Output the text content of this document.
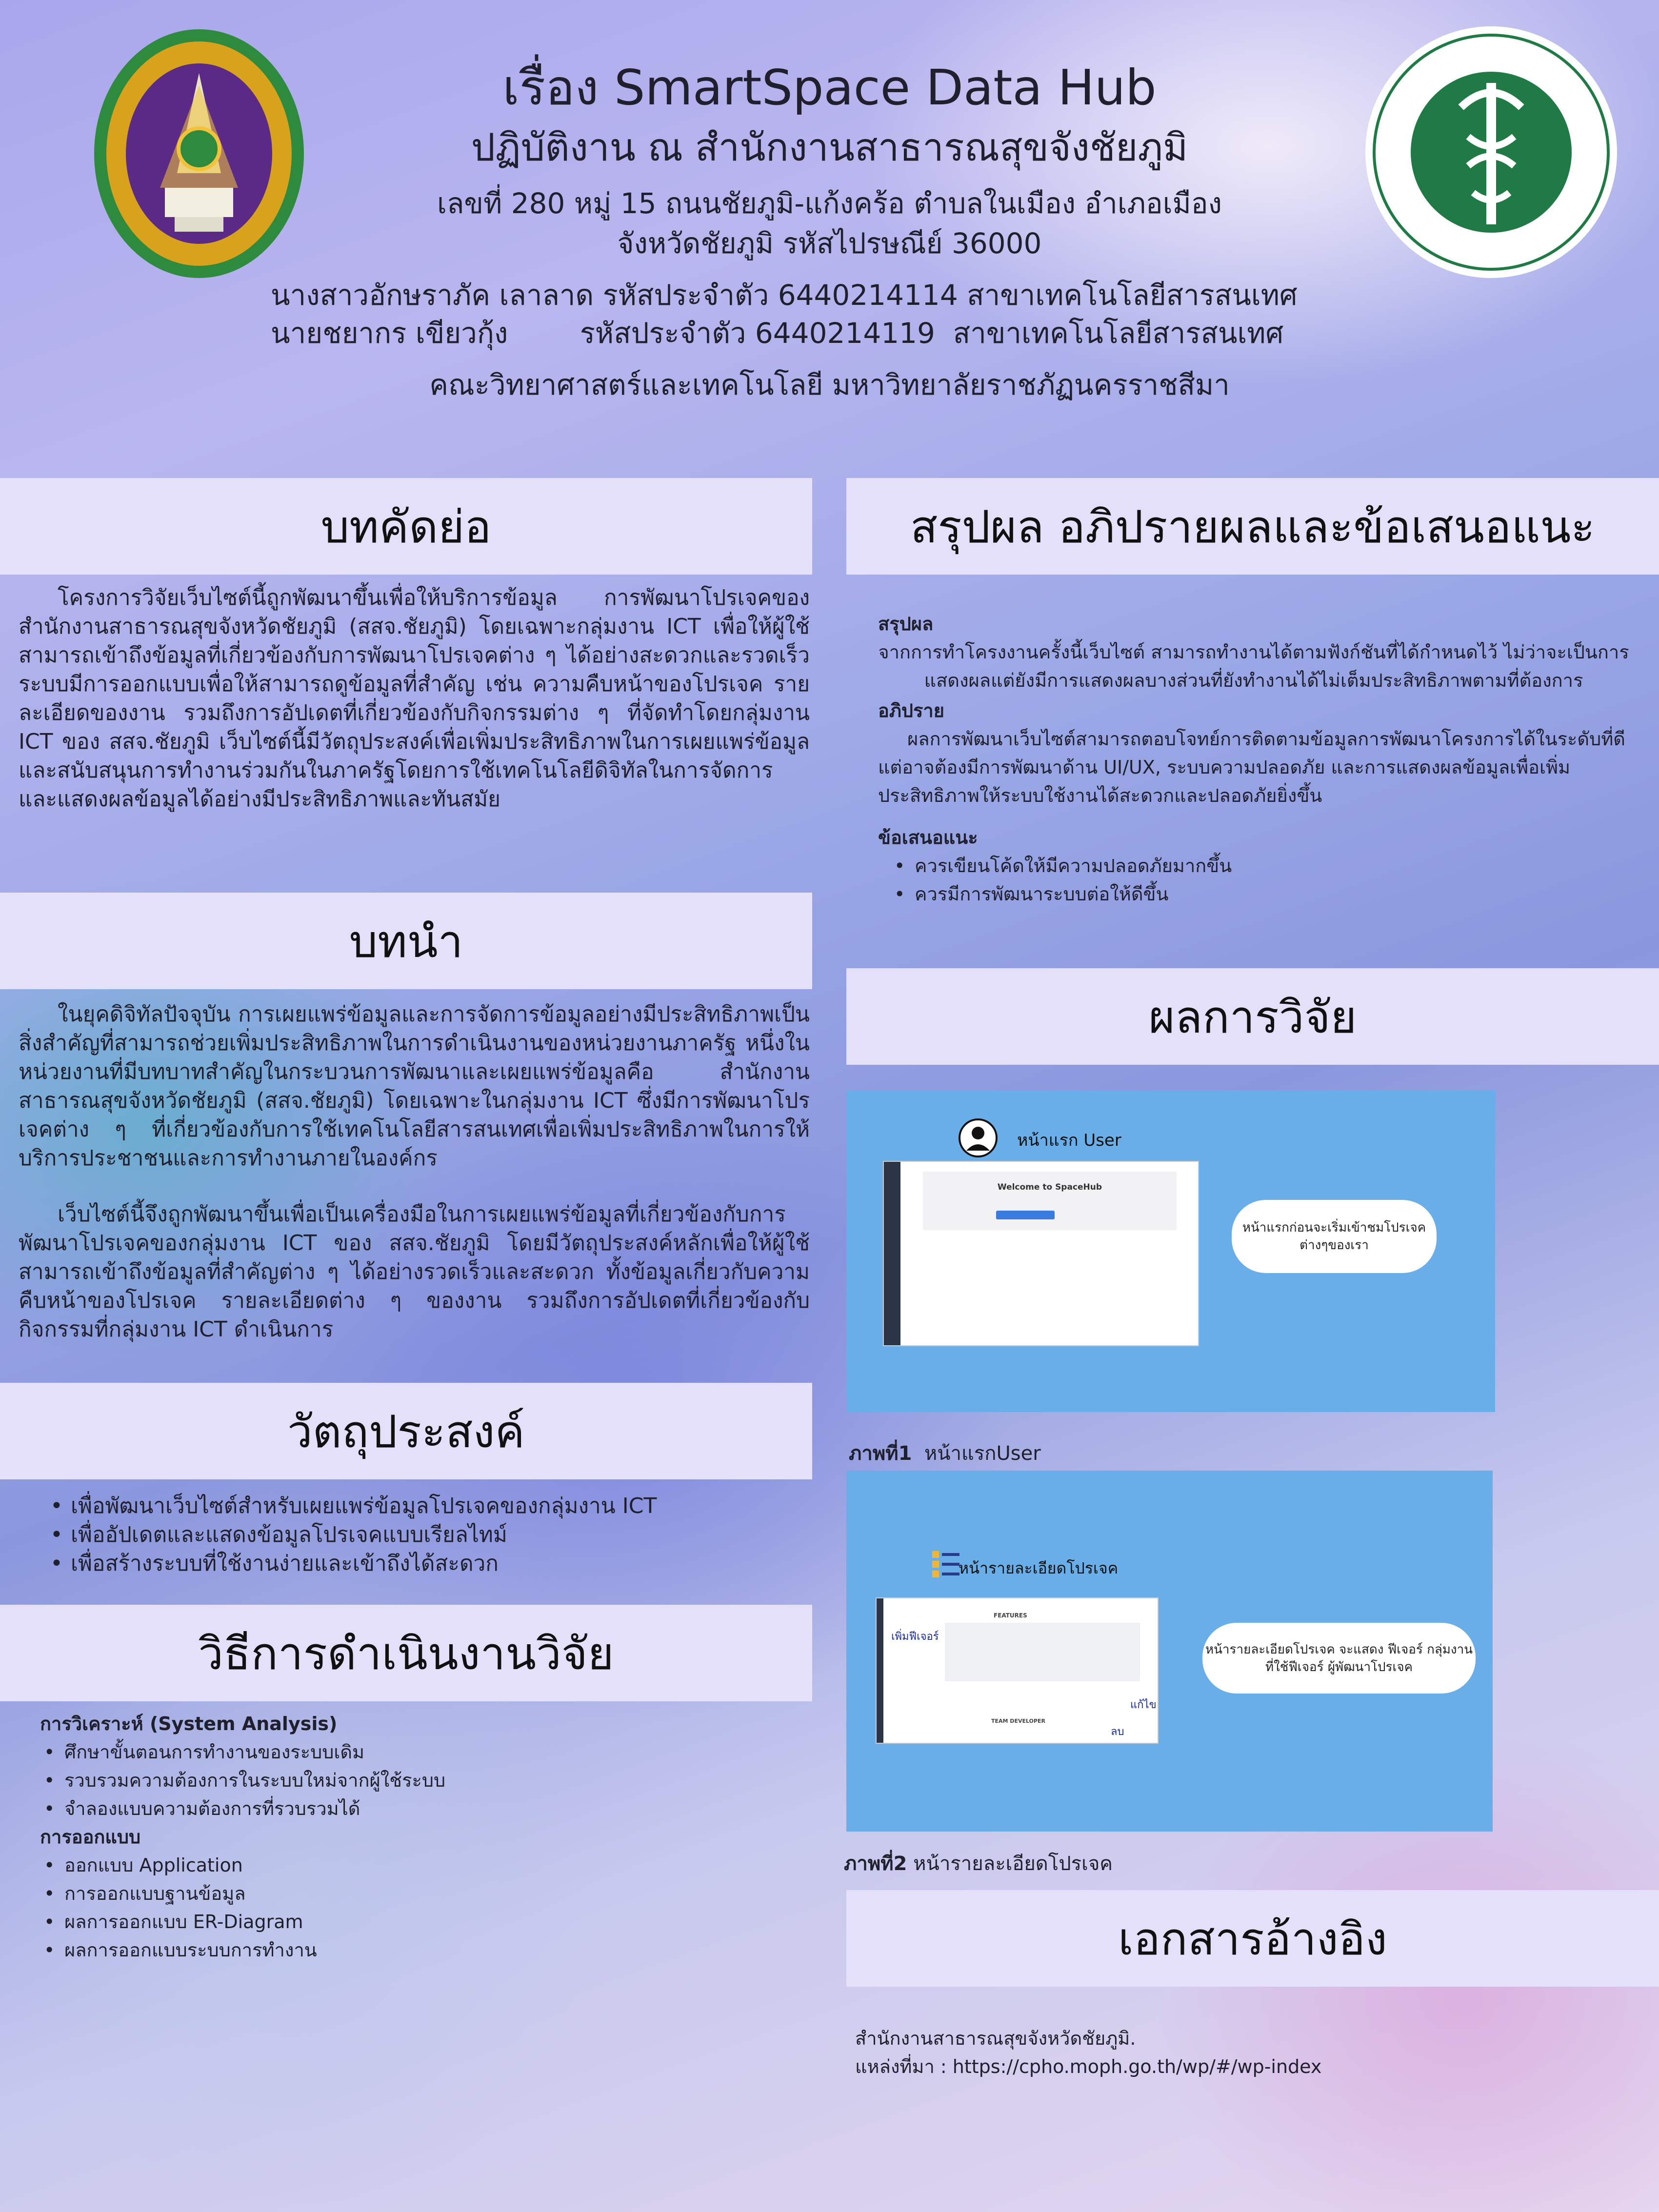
เรื่อง SmartSpace Data Hub
ปฏิบัติงาน ณ สำนักงานสาธารณสุขจังชัยภูมิ
เลขที่ 280 หมู่ 15 ถนนชัยภูมิ-แก้งคร้อ ตำบลในเมือง อำเภอเมือง
จังหวัดชัยภูมิ รหัสไปรษณีย์ 36000
นางสาวอักษราภัค เลาลาด รหัสประจำตัว 6440214114 สาขาเทคโนโลยีสารสนเทศ
นายชยากร เขียวกุ้ง        รหัสประจำตัว 6440214119  สาขาเทคโนโลยีสารสนเทศ
คณะวิทยาศาสตร์และเทคโนโลยี มหาวิทยาลัยราชภัฏนครราชสีมา
บทคัดย่อ
โครงการวิจัยเว็บไซต์นี้ถูกพัฒนาขึ้นเพื่อให้บริการข้อมูล การพัฒนาโปรเจคของสำนักงานสาธารณสุขจังหวัดชัยภูมิ (สสจ.ชัยภูมิ) โดยเฉพาะกลุ่มงาน ICT เพื่อให้ผู้ใช้สามารถเข้าถึงข้อมูลที่เกี่ยวข้องกับการพัฒนาโปรเจคต่าง ๆ ได้อย่างสะดวกและรวดเร็ว ระบบมีการออกแบบเพื่อให้สามารถดูข้อมูลที่สำคัญ เช่น ความคืบหน้าของโปรเจค รายละเอียดของงาน รวมถึงการอัปเดตที่เกี่ยวข้องกับกิจกรรมต่าง ๆ ที่จัดทำโดยกลุ่มงาน ICT ของ สสจ.ชัยภูมิ เว็บไซต์นี้มีวัตถุประสงค์เพื่อเพิ่มประสิทธิภาพในการเผยแพร่ข้อมูล และสนับสนุนการทำงานร่วมกันในภาครัฐโดยการใช้เทคโนโลยีดิจิทัลในการจัดการและแสดงผลข้อมูลได้อย่างมีประสิทธิภาพและทันสมัย
บทนำ
ในยุคดิจิทัลปัจจุบัน การเผยแพร่ข้อมูลและการจัดการข้อมูลอย่างมีประสิทธิภาพเป็นสิ่งสำคัญที่สามารถช่วยเพิ่มประสิทธิภาพในการดำเนินงานของหน่วยงานภาครัฐ หนึ่งในหน่วยงานที่มีบทบาทสำคัญในกระบวนการพัฒนาและเผยแพร่ข้อมูลคือ สำนักงานสาธารณสุขจังหวัดชัยภูมิ (สสจ.ชัยภูมิ) โดยเฉพาะในกลุ่มงาน ICT ซึ่งมีการพัฒนาโปรเจคต่าง ๆ ที่เกี่ยวข้องกับการใช้เทคโนโลยีสารสนเทศเพื่อเพิ่มประสิทธิภาพในการให้บริการประชาชนและการทำงานภายในองค์กร
เว็บไซต์นี้จึงถูกพัฒนาขึ้นเพื่อเป็นเครื่องมือในการเผยแพร่ข้อมูลที่เกี่ยวข้องกับการพัฒนาโปรเจคของกลุ่มงาน ICT ของ สสจ.ชัยภูมิ โดยมีวัตถุประสงค์หลักเพื่อให้ผู้ใช้สามารถเข้าถึงข้อมูลที่สำคัญต่าง ๆ ได้อย่างรวดเร็วและสะดวก ทั้งข้อมูลเกี่ยวกับความคืบหน้าของโปรเจค รายละเอียดต่าง ๆ ของงาน รวมถึงการอัปเดตที่เกี่ยวข้องกับกิจกรรมที่กลุ่มงาน ICT ดำเนินการ
วัตถุประสงค์
• เพื่อพัฒนาเว็บไซต์สำหรับเผยแพร่ข้อมูลโปรเจคของกลุ่มงาน ICT
• เพื่ออัปเดตและแสดงข้อมูลโปรเจคแบบเรียลไทม์
• เพื่อสร้างระบบที่ใช้งานง่ายและเข้าถึงได้สะดวก
วิธีการดำเนินงานวิจัย
การวิเคราะห์ (System Analysis)
• ศึกษาขั้นตอนการทำงานของระบบเดิม
• รวบรวมความต้องการในระบบใหม่จากผู้ใช้ระบบ
• จำลองแบบความต้องการที่รวบรวมได้
การออกแบบ
• ออกแบบ Application
• การออกแบบฐานข้อมูล
• ผลการออกแบบ ER-Diagram
• ผลการออกแบบระบบการทำงาน
สรุปผล อภิปรายผลและข้อเสนอแนะ
สรุปผล
จากการทำโครงงานครั้งนี้เว็บไซต์ สามารถทำงานได้ตามฟังก์ชันที่ได้กำหนดไว้ ไม่ว่าจะเป็นการแสดงผลแต่ยังมีการแสดงผลบางส่วนที่ยังทำงานได้ไม่เต็มประสิทธิภาพตามที่ต้องการ
อภิปราย
ผลการพัฒนาเว็บไซต์สามารถตอบโจทย์การติดตามข้อมูลการพัฒนาโครงการได้ในระดับที่ดี แต่อาจต้องมีการพัฒนาด้าน UI/UX, ระบบความปลอดภัย และการแสดงผลข้อมูลเพื่อเพิ่มประสิทธิภาพให้ระบบใช้งานได้สะดวกและปลอดภัยยิ่งขึ้น
ข้อเสนอแนะ
• ควรเขียนโค้ดให้มีความปลอดภัยมากขึ้น
• ควรมีการพัฒนาระบบต่อให้ดีขึ้น
ผลการวิจัย
หน้าแรก User
Welcome to SpaceHub
หน้าแรกก่อนจะเริ่มเข้าชมโปรเจคต่างๆของเรา
ภาพที่1  หน้าแรกUser
หน้ารายละเอียดโปรเจค
FEATURES
TEAM DEVELOPER
เพิ่มฟีเจอร์
แก้ไข
ลบ
หน้ารายละเอียดโปรเจค จะแสดง ฟีเจอร์ กลุ่มงานที่ใช้ฟีเจอร์ ผู้พัฒนาโปรเจค
ภาพที่2 หน้ารายละเอียดโปรเจค
เอกสารอ้างอิง
สำนักงานสาธารณสุขจังหวัดชัยภูมิ.
แหล่งที่มา : https://cpho.moph.go.th/wp/#/wp-index
